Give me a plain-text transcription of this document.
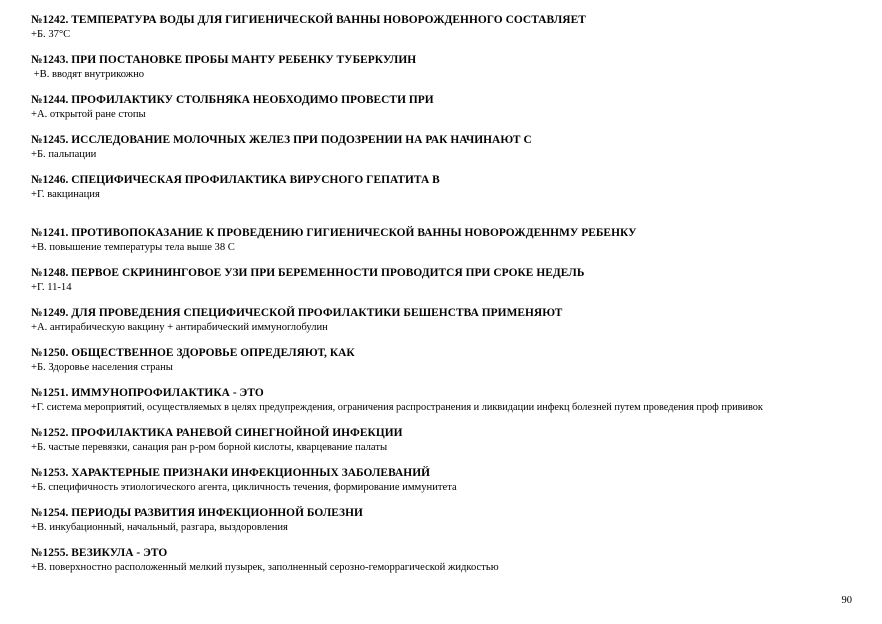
№1242. ТЕМПЕРАТУРА ВОДЫ ДЛЯ ГИГИЕНИЧЕСКОЙ ВАННЫ НОВОРОЖДЕННОГО СОСТАВЛЯЕТ
+Б. 37°С
№1243. ПРИ ПОСТАНОВКЕ ПРОБЫ МАНТУ РЕБЕНКУ ТУБЕРКУЛИН
+В. вводят внутрикожно
№1244. ПРОФИЛАКТИКУ СТОЛБНЯКА НЕОБХОДИМО ПРОВЕСТИ ПРИ
+А. открытой ране стопы
№1245. ИССЛЕДОВАНИЕ МОЛОЧНЫХ ЖЕЛЕЗ ПРИ ПОДОЗРЕНИИ НА РАК НАЧИНАЮТ С
+Б. пальпации
№1246. СПЕЦИФИЧЕСКАЯ ПРОФИЛАКТИКА ВИРУСНОГО ГЕПАТИТА В
+Г. вакцинация
№1241. ПРОТИВОПОКАЗАНИЕ К ПРОВЕДЕНИЮ ГИГИЕНИЧЕСКОЙ ВАННЫ НОВОРОЖДЕННМУ РЕБЕНКУ
+В. повышение температуры тела выше 38 С
№1248. ПЕРВОЕ СКРИНИНГОВОЕ УЗИ ПРИ БЕРЕМЕННОСТИ ПРОВОДИТСЯ ПРИ СРОКЕ НЕДЕЛЬ
+Г. 11-14
№1249. ДЛЯ ПРОВЕДЕНИЯ СПЕЦИФИЧЕСКОЙ ПРОФИЛАКТИКИ БЕШЕНСТВА ПРИМЕНЯЮТ
+А. антирабическую вакцину + антирабический иммуноглобулин
№1250. ОБЩЕСТВЕННОЕ ЗДОРОВЬЕ ОПРЕДЕЛЯЮТ, КАК
+Б. Здоровье населения страны
№1251. ИММУНОПРОФИЛАКТИКА - ЭТО
+Г. система мероприятий, осуществляемых в целях предупреждения, ограничения распространения и ликвидации инфекц болезней путем проведения проф прививок
№1252. ПРОФИЛАКТИКА РАНЕВОЙ СИНЕГНОЙНОЙ ИНФЕКЦИИ
+Б. частые перевязки, санация ран р-ром борной кислоты, кварцевание палаты
№1253. ХАРАКТЕРНЫЕ ПРИЗНАКИ ИНФЕКЦИОННЫХ ЗАБОЛЕВАНИЙ
+Б. специфичность этиологического агента, цикличность течения, формирование иммунитета
№1254. ПЕРИОДЫ РАЗВИТИЯ ИНФЕКЦИОННОЙ БОЛЕЗНИ
+В. инкубационный, начальный, разгара, выздоровления
№1255. ВЕЗИКУЛА - ЭТО
+В. поверхностно расположенный мелкий пузырек, заполненный серозно-геморрагической жидкостью
90
